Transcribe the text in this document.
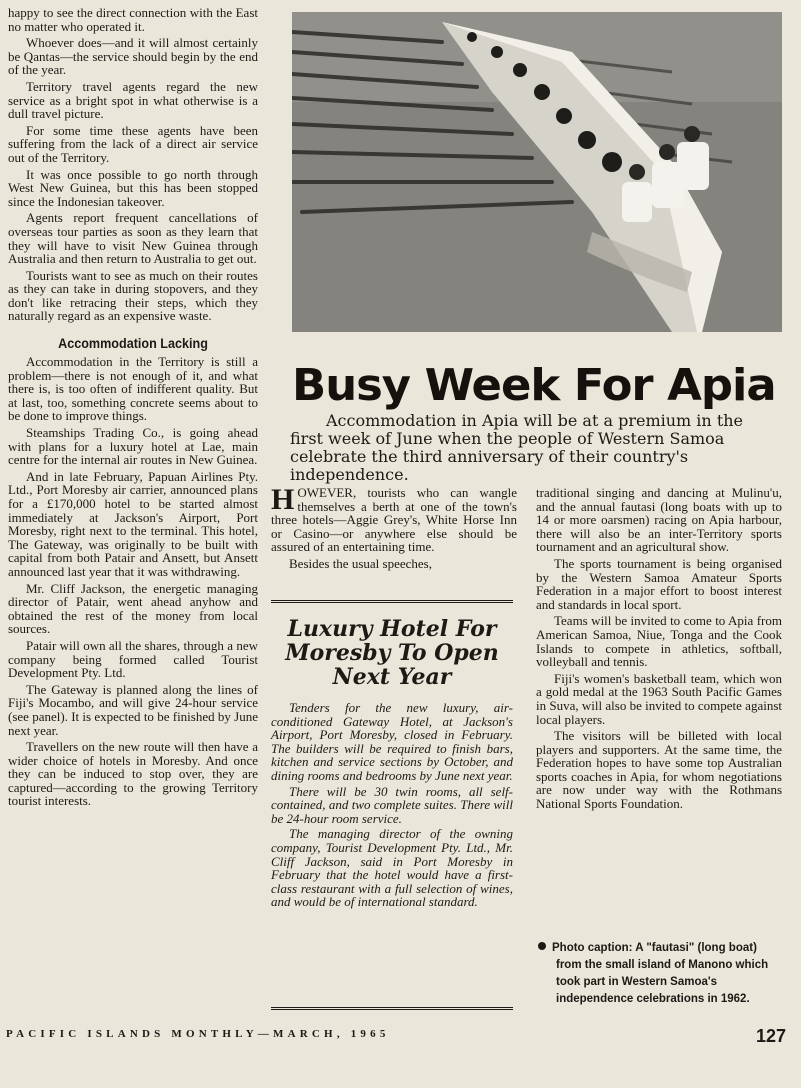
happy to see the direct connection with the East no matter who operated it.

Whoever does—and it will almost certainly be Qantas—the service should begin by the end of the year.

Territory travel agents regard the new service as a bright spot in what otherwise is a dull travel picture.

For some time these agents have been suffering from the lack of a direct air service out of the Territory.

It was once possible to go north through West New Guinea, but this has been stopped since the Indonesian takeover.

Agents report frequent cancellations of overseas tour parties as soon as they learn that they will have to visit New Guinea through Australia and then return to Australia to get out.

Tourists want to see as much on their routes as they can take in during stopovers, and they don't like retracing their steps, which they naturally regard as an expensive waste.

Accommodation Lacking

Accommodation in the Territory is still a problem—there is not enough of it, and what there is, is too often of indifferent quality. But at last, too, something concrete seems about to be done to improve things.

Steamships Trading Co., is going ahead with plans for a luxury hotel at Lae, main centre for the internal air routes in New Guinea.

And in late February, Papuan Airlines Pty. Ltd., Port Moresby air carrier, announced plans for a £170,000 hotel to be started almost immediately at Jackson's Airport, Port Moresby, right next to the terminal. This hotel, The Gateway, was originally to be built with capital from both Patair and Ansett, but Ansett announced last year that it was withdrawing.

Mr. Cliff Jackson, the energetic managing director of Patair, went ahead anyhow and obtained the rest of the money from local sources.

Patair will own all the shares, through a new company being formed called Tourist Development Pty. Ltd.

The Gateway is planned along the lines of Fiji's Mocambo, and will give 24-hour service (see panel). It is expected to be finished by June next year.

Travellers on the new route will then have a wider choice of hotels in Moresby. And once they can be induced to stop over, they are captured—according to the growing Territory tourist interests.

Busy Week For Apia
Accommodation in Apia will be at a premium in the first week of June when the people of Western Samoa celebrate the third anniversary of their country's independence.

HOWEVER, tourists who can wangle themselves a berth at one of the town's three hotels—Aggie Grey's, White Horse Inn or Casino—or anywhere else should be assured of an entertaining time.

Besides the usual speeches,

Luxury Hotel For Moresby To Open Next Year

Tenders for the new luxury, air-conditioned Gateway Hotel, at Jackson's Airport, Port Moresby, closed in February. The builders will be required to finish bars, kitchen and service sections by October, and dining rooms and bedrooms by June next year.

There will be 30 twin rooms, all self-contained, and two complete suites. There will be 24-hour room service.

The managing director of the owning company, Tourist Development Pty. Ltd., Mr. Cliff Jackson, said in Port Moresby in February that the hotel would have a first-class restaurant with a full selection of wines, and would be of international standard.

traditional singing and dancing at Mulinu'u, and the annual fautasi (long boats with up to 14 or more oarsmen) racing on Apia harbour, there will also be an inter-Territory sports tournament and an agricultural show.

The sports tournament is being organised by the Western Samoa Amateur Sports Federation in a major effort to boost interest and standards in local sport.

Teams will be invited to come to Apia from American Samoa, Niue, Tonga and the Cook Islands to compete in athletics, softball, volleyball and tennis.

Fiji's women's basketball team, which won a gold medal at the 1963 South Pacific Games in Suva, will also be invited to compete against local players.

The visitors will be billeted with local players and supporters. At the same time, the Federation hopes to have some top Australian sports coaches in Apia, for whom negotiations are now under way with the Rothmans National Sports Foundation.

Photo caption: A "fautasi" (long boat)
from the small island of Manono which took part in Western Samoa's independence celebrations in 1962.
PACIFIC ISLANDS MONTHLY—MARCH, 1965	127
